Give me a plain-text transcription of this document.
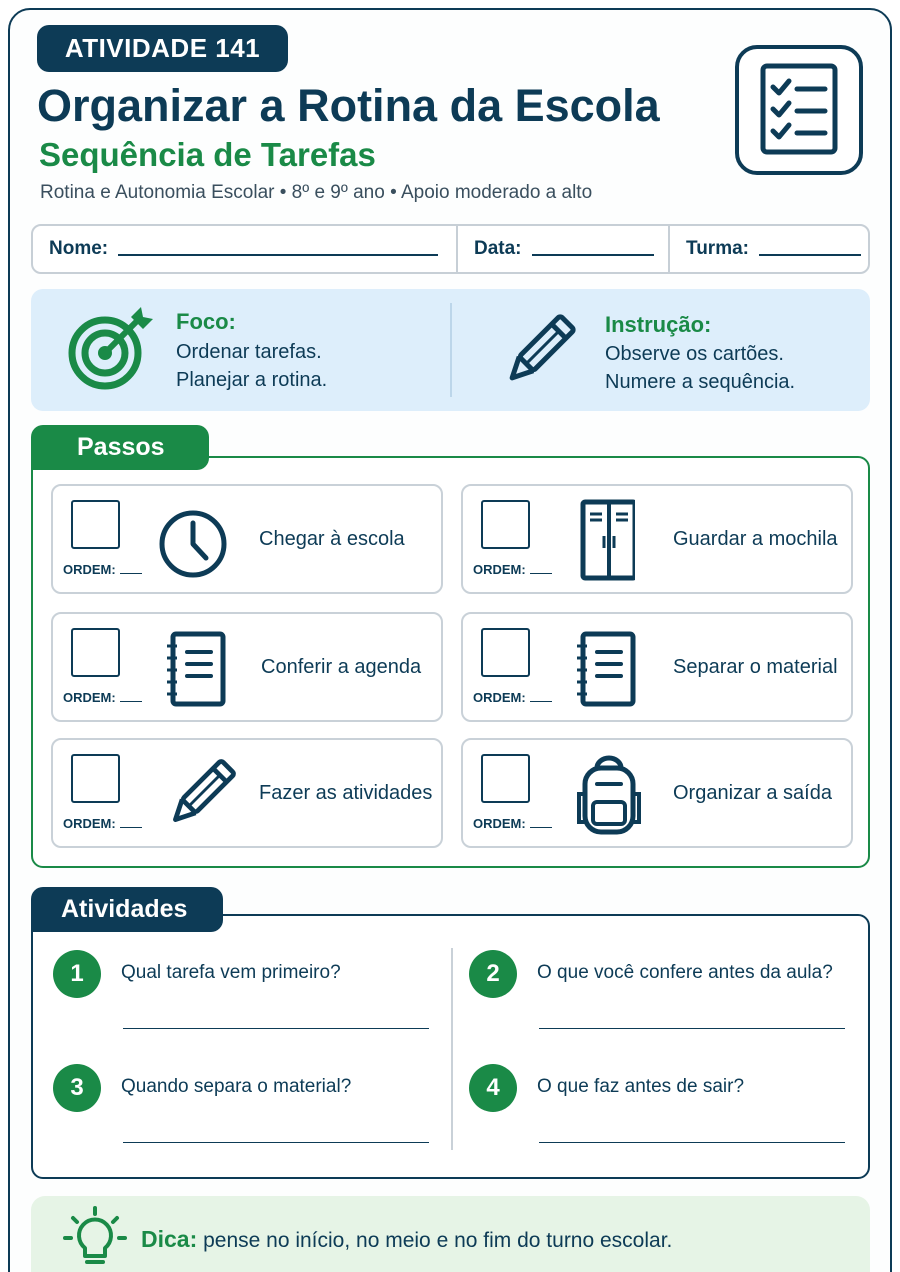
ATIVIDADE 141
Organizar a Rotina da Escola
Sequência de Tarefas
Rotina e Autonomia Escolar • 8º e 9º ano • Apoio moderado a alto
Nome:	Data:	Turma:
Foco:
Ordenar tarefas.
Planejar a rotina.
Instrução:
Observe os cartões.
Numere a sequência.
ORDEM:
Chegar à escola
ORDEM:
Guardar a mochila
ORDEM:
Conferir a agenda
ORDEM:
Separar o material
ORDEM:
Fazer as atividades
ORDEM:
Organizar a saída
Passos
1	Qual tarefa vem primeiro?	2	O que você confere antes da aula?
3	Quando separa o material?	4	O que faz antes de sair?
Atividades
Dica: pense no início, no meio e no fim do turno escolar.
